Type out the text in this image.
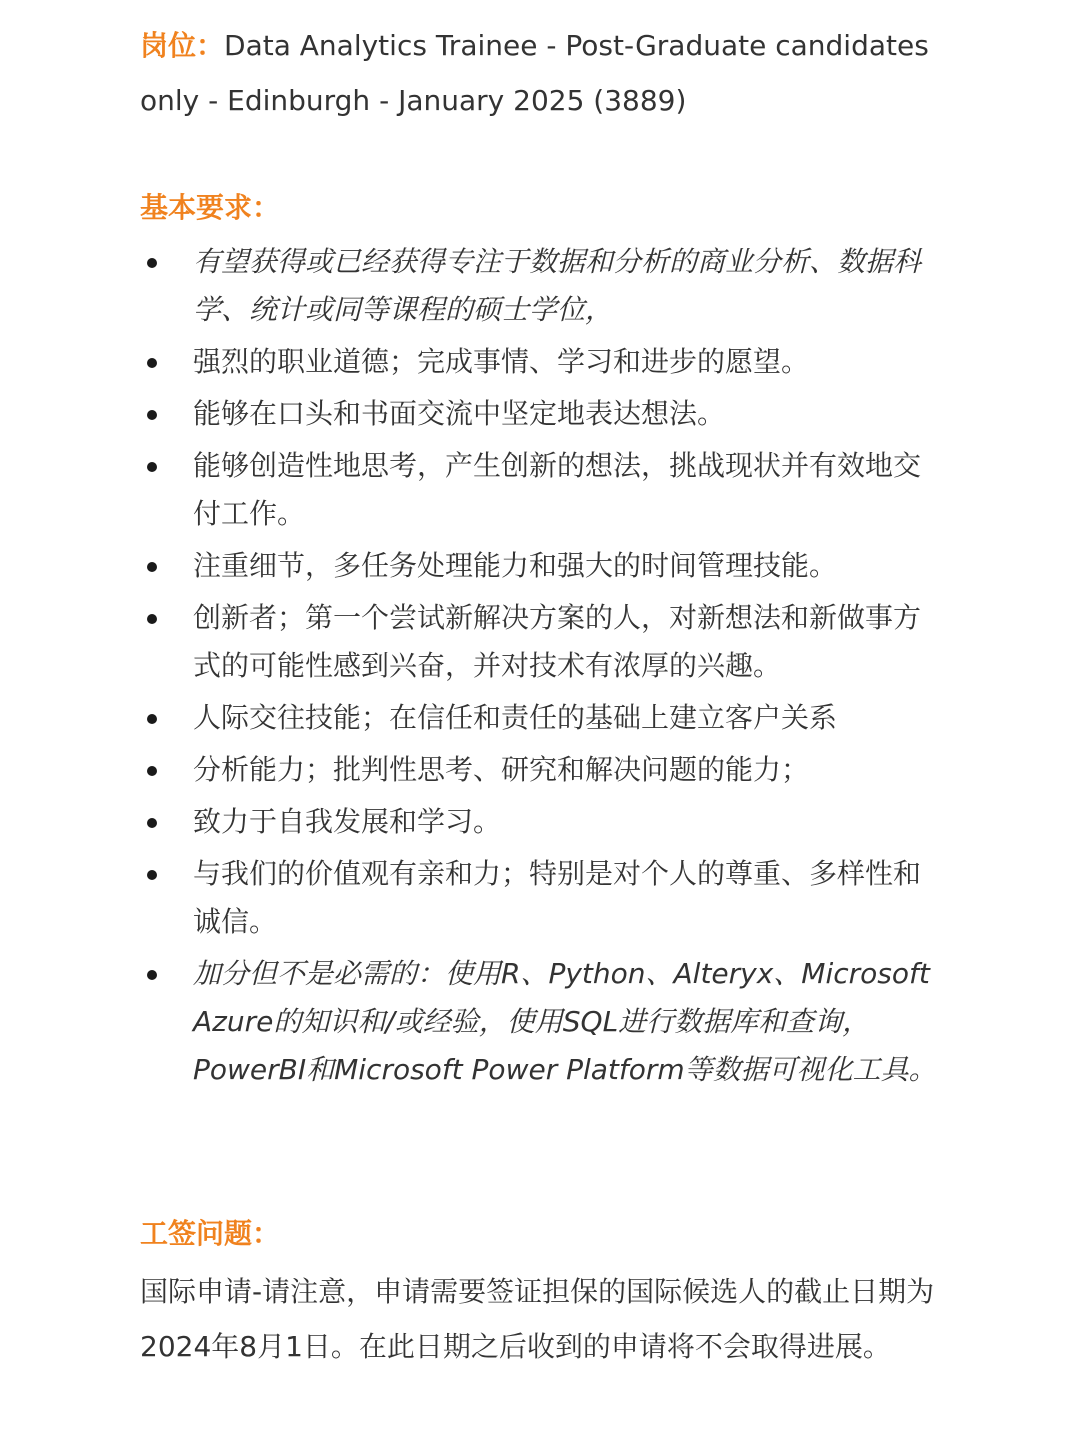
岗位：Data Analytics Trainee - Post-Graduate candidates only - Edinburgh - January 2025 (3889)
基本要求：
有望获得或已经获得专注于数据和分析的商业分析、数据科学、统计或同等课程的硕士学位，
强烈的职业道德；完成事情、学习和进步的愿望。
能够在口头和书面交流中坚定地表达想法。
能够创造性地思考，产生创新的想法，挑战现状并有效地交付工作。
注重细节，多任务处理能力和强大的时间管理技能。
创新者；第一个尝试新解决方案的人，对新想法和新做事方式的可能性感到兴奋，并对技术有浓厚的兴趣。
人际交往技能；在信任和责任的基础上建立客户关系
分析能力；批判性思考、研究和解决问题的能力；
致力于自我发展和学习。
与我们的价值观有亲和力；特别是对个人的尊重、多样性和诚信。
加分但不是必需的：使用R、Python、Alteryx、Microsoft Azure的知识和/或经验，使用SQL进行数据库和查询，PowerBI和Microsoft Power Platform等数据可视化工具。
工签问题：
国际申请-请注意，申请需要签证担保的国际候选人的截止日期为2024年8月1日。在此日期之后收到的申请将不会取得进展。
